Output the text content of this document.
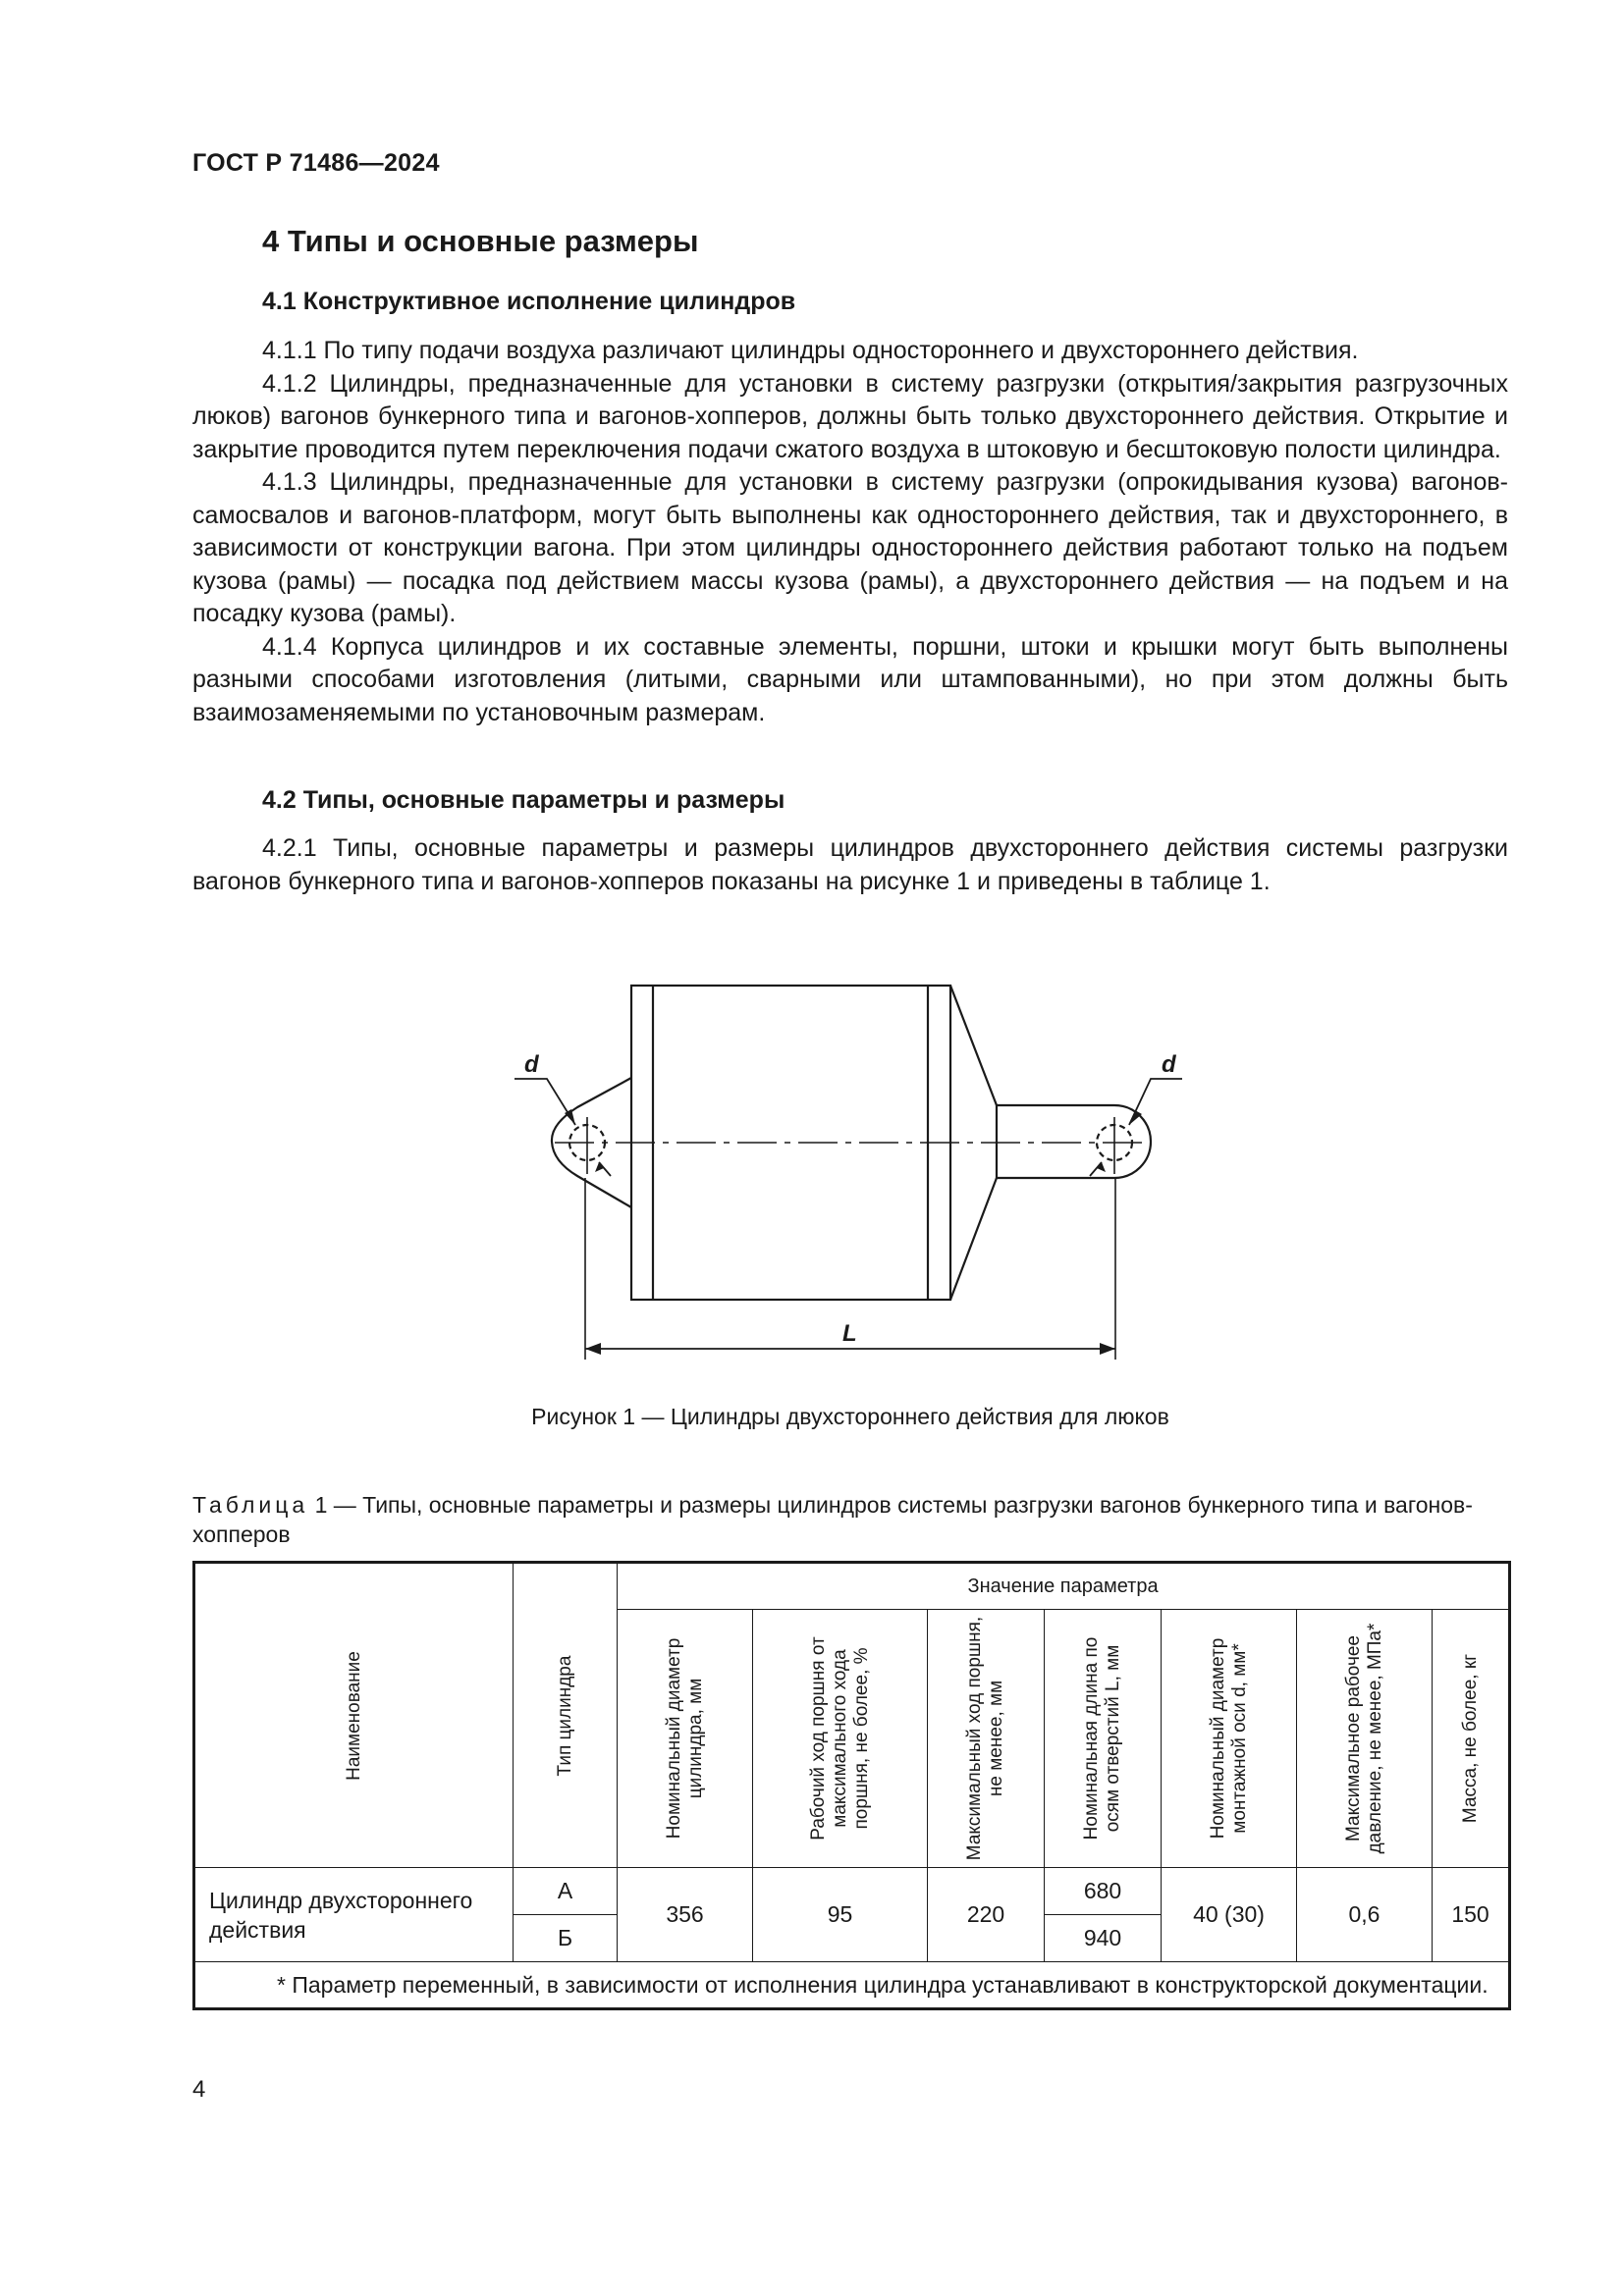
ГОСТ Р 71486—2024
4 Типы и основные размеры
4.1 Конструктивное исполнение цилиндров

4.1.1 По типу подачи воздуха различают цилиндры одностороннего и двухстороннего действия.

4.1.2 Цилиндры, предназначенные для установки в систему разгрузки (открытия/закрытия разгрузочных люков) вагонов бункерного типа и вагонов-хопперов, должны быть только двухстороннего действия. Открытие и закрытие проводится путем переключения подачи сжатого воздуха в штоковую и бесштоковую полости цилиндра.

4.1.3 Цилиндры, предназначенные для установки в систему разгрузки (опрокидывания кузова) вагонов-самосвалов и вагонов-платформ, могут быть выполнены как одностороннего действия, так и двухстороннего, в зависимости от конструкции вагона. При этом цилиндры одностороннего действия работают только на подъем кузова (рамы) — посадка под действием массы кузова (рамы), а двухстороннего действия — на подъем и на посадку кузова (рамы).

4.1.4 Корпуса цилиндров и их составные элементы, поршни, штоки и крышки могут быть выполнены разными способами изготовления (литыми, сварными или штампованными), но при этом должны быть взаимозаменяемыми по установочным размерам.

4.2 Типы, основные параметры и размеры

4.2.1 Типы, основные параметры и размеры цилиндров двухстороннего действия системы разгрузки вагонов бункерного типа и вагонов-хопперов показаны на рисунке 1 и приведены в таблице 1.

d	d
L
Рисунок 1 — Цилиндры двухстороннего действия для люков
Таблица 1 — Типы, основные параметры и размеры цилиндров системы разгрузки вагонов бункерного типа и вагонов-хопперов
Наименование	Тип цилиндра	Значение параметра						

		Номинальный диаметр цилиндра, мм	Рабочий ход поршня от максимального хода поршня, не более, %	Максимальный ход поршня, не менее, мм	Номинальная длина по осям отверстий L, мм	Номинальный диаметр монтажной оси d, мм*	Максимальное рабочее давление, не менее, МПа*	Масса, не более, кг

Цилиндр двухстороннего действия	А	356	95	220	680	40 (30)	0,6	150
	Б				940			

* Параметр переменный, в зависимости от исполнения цилиндра устанавливают в конструкторской документации.								
4
